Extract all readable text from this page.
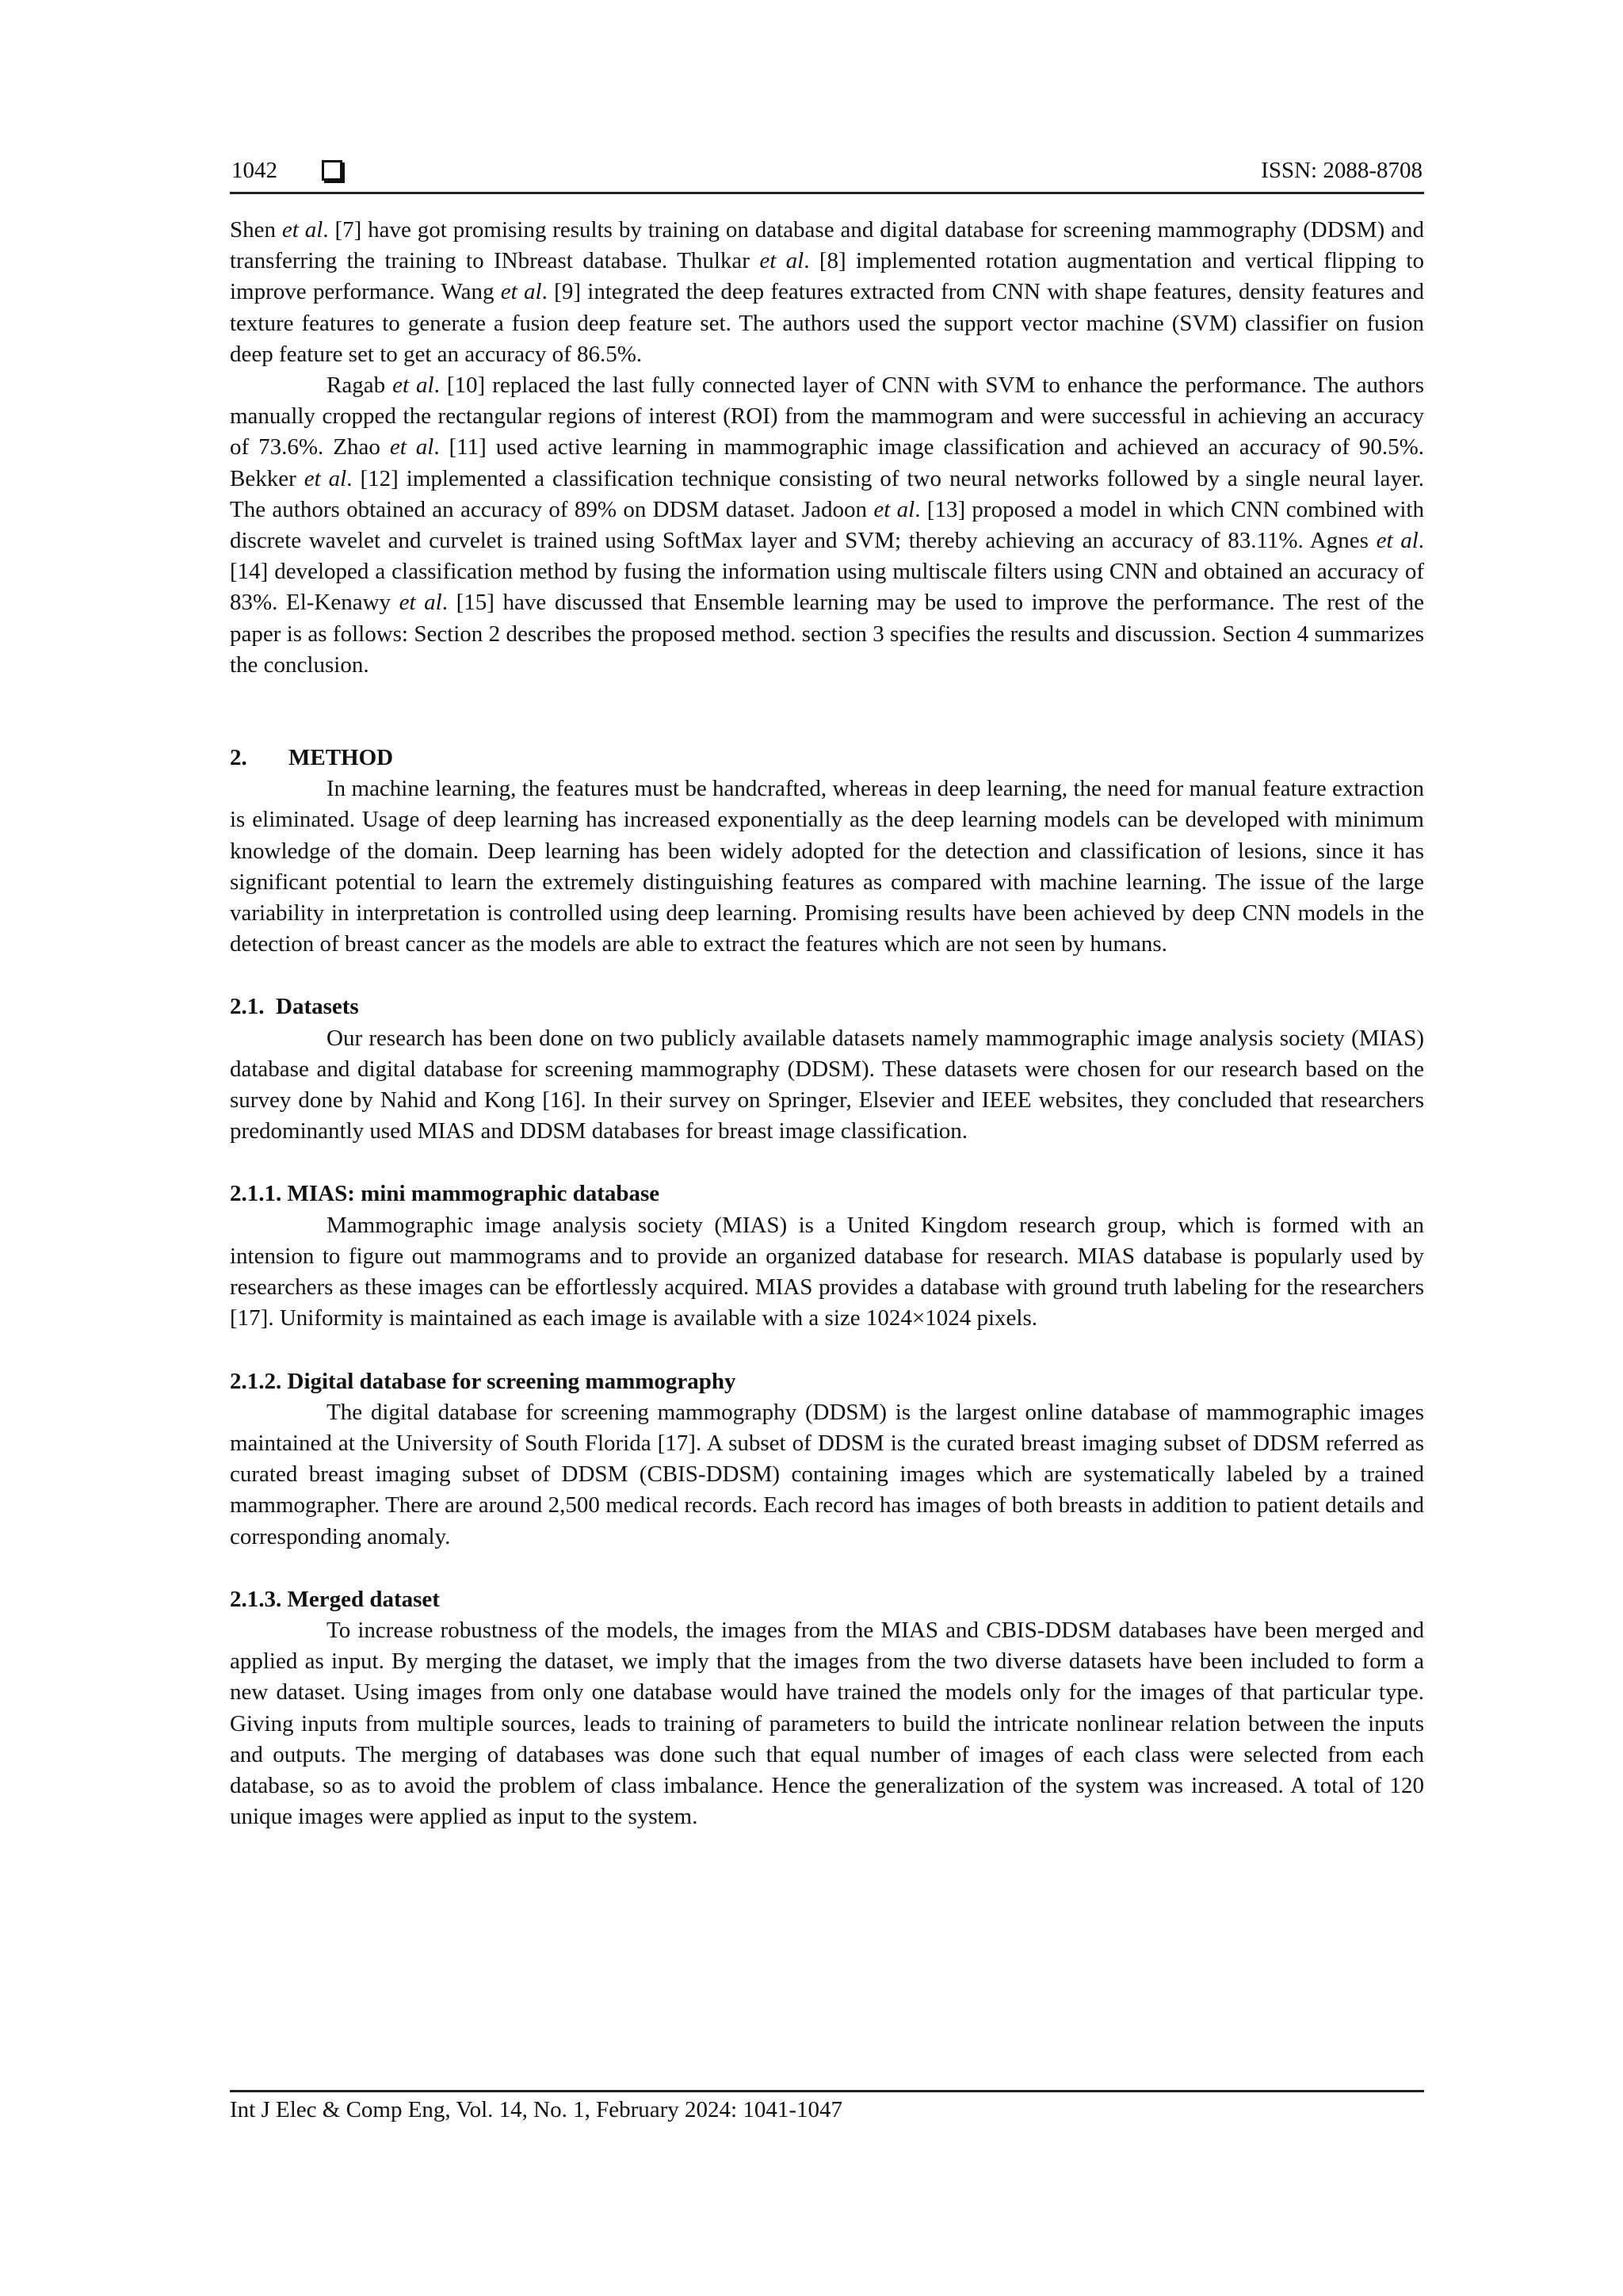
1042	ISSN: 2088-8708

Shen et al. [7] have got promising results by training on database and digital database for screening mammography (DDSM) and transferring the training to INbreast database. Thulkar et al. [8] implemented rotation augmentation and vertical flipping to improve performance. Wang et al. [9] integrated the deep features extracted from CNN with shape features, density features and texture features to generate a fusion deep feature set. The authors used the support vector machine (SVM) classifier on fusion deep feature set to get an accuracy of 86.5%.

Ragab et al. [10] replaced the last fully connected layer of CNN with SVM to enhance the performance. The authors manually cropped the rectangular regions of interest (ROI) from the mammogram and were successful in achieving an accuracy of 73.6%. Zhao et al. [11] used active learning in mammographic image classification and achieved an accuracy of 90.5%. Bekker et al. [12] implemented a classification technique consisting of two neural networks followed by a single neural layer. The authors obtained an accuracy of 89% on DDSM dataset. Jadoon et al. [13] proposed a model in which CNN combined with discrete wavelet and curvelet is trained using SoftMax layer and SVM; thereby achieving an accuracy of 83.11%. Agnes et al. [14] developed a classification method by fusing the information using multiscale filters using CNN and obtained an accuracy of 83%. El-Kenawy et al. [15] have discussed that Ensemble learning may be used to improve the performance. The rest of the paper is as follows: Section 2 describes the proposed method. section 3 specifies the results and discussion. Section 4 summarizes the conclusion.

2. METHOD

In machine learning, the features must be handcrafted, whereas in deep learning, the need for manual feature extraction is eliminated. Usage of deep learning has increased exponentially as the deep learning models can be developed with minimum knowledge of the domain. Deep learning has been widely adopted for the detection and classification of lesions, since it has significant potential to learn the extremely distinguishing features as compared with machine learning. The issue of the large variability in interpretation is controlled using deep learning. Promising results have been achieved by deep CNN models in the detection of breast cancer as the models are able to extract the features which are not seen by humans.

2.1.  Datasets

Our research has been done on two publicly available datasets namely mammographic image analysis society (MIAS) database and digital database for screening mammography (DDSM). These datasets were chosen for our research based on the survey done by Nahid and Kong [16]. In their survey on Springer, Elsevier and IEEE websites, they concluded that researchers predominantly used MIAS and DDSM databases for breast image classification.

2.1.1. MIAS: mini mammographic database

Mammographic image analysis society (MIAS) is a United Kingdom research group, which is formed with an intension to figure out mammograms and to provide an organized database for research. MIAS database is popularly used by researchers as these images can be effortlessly acquired. MIAS provides a database with ground truth labeling for the researchers [17]. Uniformity is maintained as each image is available with a size 1024×1024 pixels.

2.1.2. Digital database for screening mammography

The digital database for screening mammography (DDSM) is the largest online database of mammographic images maintained at the University of South Florida [17]. A subset of DDSM is the curated breast imaging subset of DDSM referred as curated breast imaging subset of DDSM (CBIS-DDSM) containing images which are systematically labeled by a trained mammographer. There are around 2,500 medical records. Each record has images of both breasts in addition to patient details and corresponding anomaly.

2.1.3. Merged dataset

To increase robustness of the models, the images from the MIAS and CBIS-DDSM databases have been merged and applied as input. By merging the dataset, we imply that the images from the two diverse datasets have been included to form a new dataset. Using images from only one database would have trained the models only for the images of that particular type. Giving inputs from multiple sources, leads to training of parameters to build the intricate nonlinear relation between the inputs and outputs. The merging of databases was done such that equal number of images of each class were selected from each database, so as to avoid the problem of class imbalance. Hence the generalization of the system was increased. A total of 120 unique images were applied as input to the system.

Int J Elec & Comp Eng, Vol. 14, No. 1, February 2024: 1041-1047
